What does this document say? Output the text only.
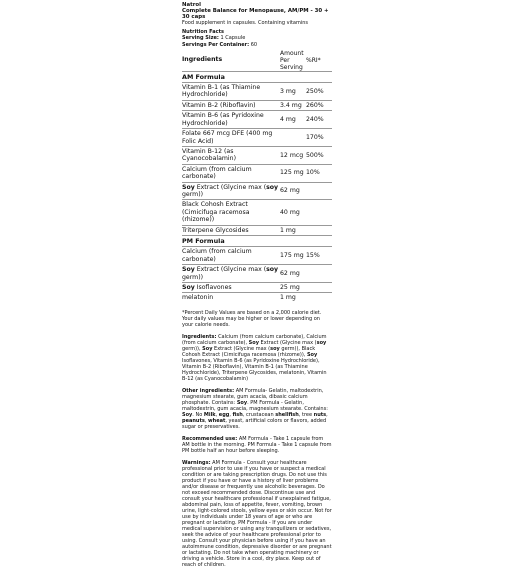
Natrol
Complete Balance for Menopause, AM/PM - 30 + 30 caps
Food supplement in capsules. Containing vitamins
Nutrition Facts
Serving Size: 1 Capsule
Servings Per Container: 60
Ingredients	Amount Per Serving	%RI*
AM Formula		
Vitamin B-1 (as Thiamine Hydrochloride)	3 mg	250%
Vitamin B-2 (Riboflavin)	3.4 mg	260%
Vitamin B-6 (as Pyridoxine Hydrochloride)	4 mg	240%
Folate 667 mcg DFE (400 mg Folic Acid)		170%
Vitamin B-12 (as Cyanocobalamin)	12 mcg	500%
Calcium (from calcium carbonate)	125 mg	10%
Soy Extract (Glycine max (soy germ))	62 mg	
Black Cohosh Extract (Cimicifuga racemosa (rhizome))	40 mg	
Triterpene Glycosides	1 mg	
PM Formula		
Calcium (from calcium carbonate)	175 mg	15%
Soy Extract (Glycine max (soy germ))	62 mg	
Soy Isoflavones	25 mg	
melatonin	1 mg	
*Percent Daily Values are based on a 2,000 calorie diet. Your daily values may be higher or lower depending on your calorie needs.
Ingredients: Calcium (from calcium carbonate), Calcium (from calcium carbonate), Soy Extract (Glycine max (soy germ)), Soy Extract (Glycine max (soy germ)), Black Cohosh Extract (Cimicifuga racemosa (rhizome)), Soy Isoflavones, Vitamin B-6 (as Pyridoxine Hydrochloride), Vitamin B-2 (Riboflavin), Vitamin B-1 (as Thiamine Hydrochloride), Triterpene Glycosides, melatonin, Vitamin B-12 (as Cyanocobalamin)
Other ingredients: AM Formula- Gelatin, maltodextrin, magnesium stearate, gum acacia, dibasic calcium phosphate. Contains: Soy. PM Formula - Gelatin, maltodextrin, gum acacia, magnesium stearate. Contains: Soy. No Milk, egg, fish, crustacean shellfish, tree nuts, peanuts, wheat, yeast, artificial colors or flavors, added sugar or preservatives.
Recommended use: AM Formula - Take 1 capsule from AM bottle in the morning. PM Formula - Take 1 capsule from PM bottle half an hour before sleeping.
Warnings: AM Formula - Consult your healthcare professional prior to use if you have or suspect a medical condition or are taking prescription drugs. Do not use this product if you have or have a history of liver problems and/or disease or frequently use alcoholic beverages. Do not exceed recommended dose. Discontinue use and consult your healthcare professional if unexplained fatigue, abdominal pain, loss of appetite, fever, vomiting, brown urine, light-colored stools, yellow eyes or skin occur. Not for use by individuals under 18 years of age or who are pregnant or lactating. PM Formula - If you are under medical supervision or using any tranquilizers or sedatives, seek the advice of your healthcare professional prior to using. Consult your physician before using if you have an autoimmune condition, depressive disorder or are pregnant or lactating. Do not take when operating machinery or driving a vehicle. Store in a cool, dry place. Keep out of reach of children.
